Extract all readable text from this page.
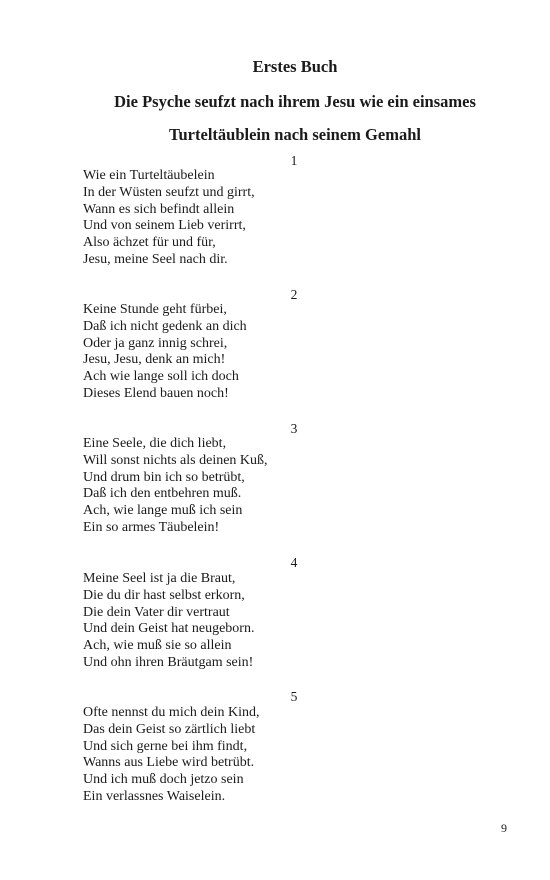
Erstes Buch
Die Psyche seufzt nach ihrem Jesu wie ein einsames
Turteltäublein nach seinem Gemahl
1
Wie ein Turteltäubelein
In der Wüsten seufzt und girrt,
Wann es sich befindt allein
Und von seinem Lieb verirrt,
Also ächzet für und für,
Jesu, meine Seel nach dir.
2
Keine Stunde geht fürbei,
Daß ich nicht gedenk an dich
Oder ja ganz innig schrei,
Jesu, Jesu, denk an mich!
Ach wie lange soll ich doch
Dieses Elend bauen noch!
3
Eine Seele, die dich liebt,
Will sonst nichts als deinen Kuß,
Und drum bin ich so betrübt,
Daß ich den entbehren muß.
Ach, wie lange muß ich sein
Ein so armes Täubelein!
4
Meine Seel ist ja die Braut,
Die du dir hast selbst erkorn,
Die dein Vater dir vertraut
Und dein Geist hat neugeborn.
Ach, wie muß sie so allein
Und ohn ihren Bräutgam sein!
5
Ofte nennst du mich dein Kind,
Das dein Geist so zärtlich liebt
Und sich gerne bei ihm findt,
Wanns aus Liebe wird betrübt.
Und ich muß doch jetzo sein
Ein verlassnes Waiselein.
9
